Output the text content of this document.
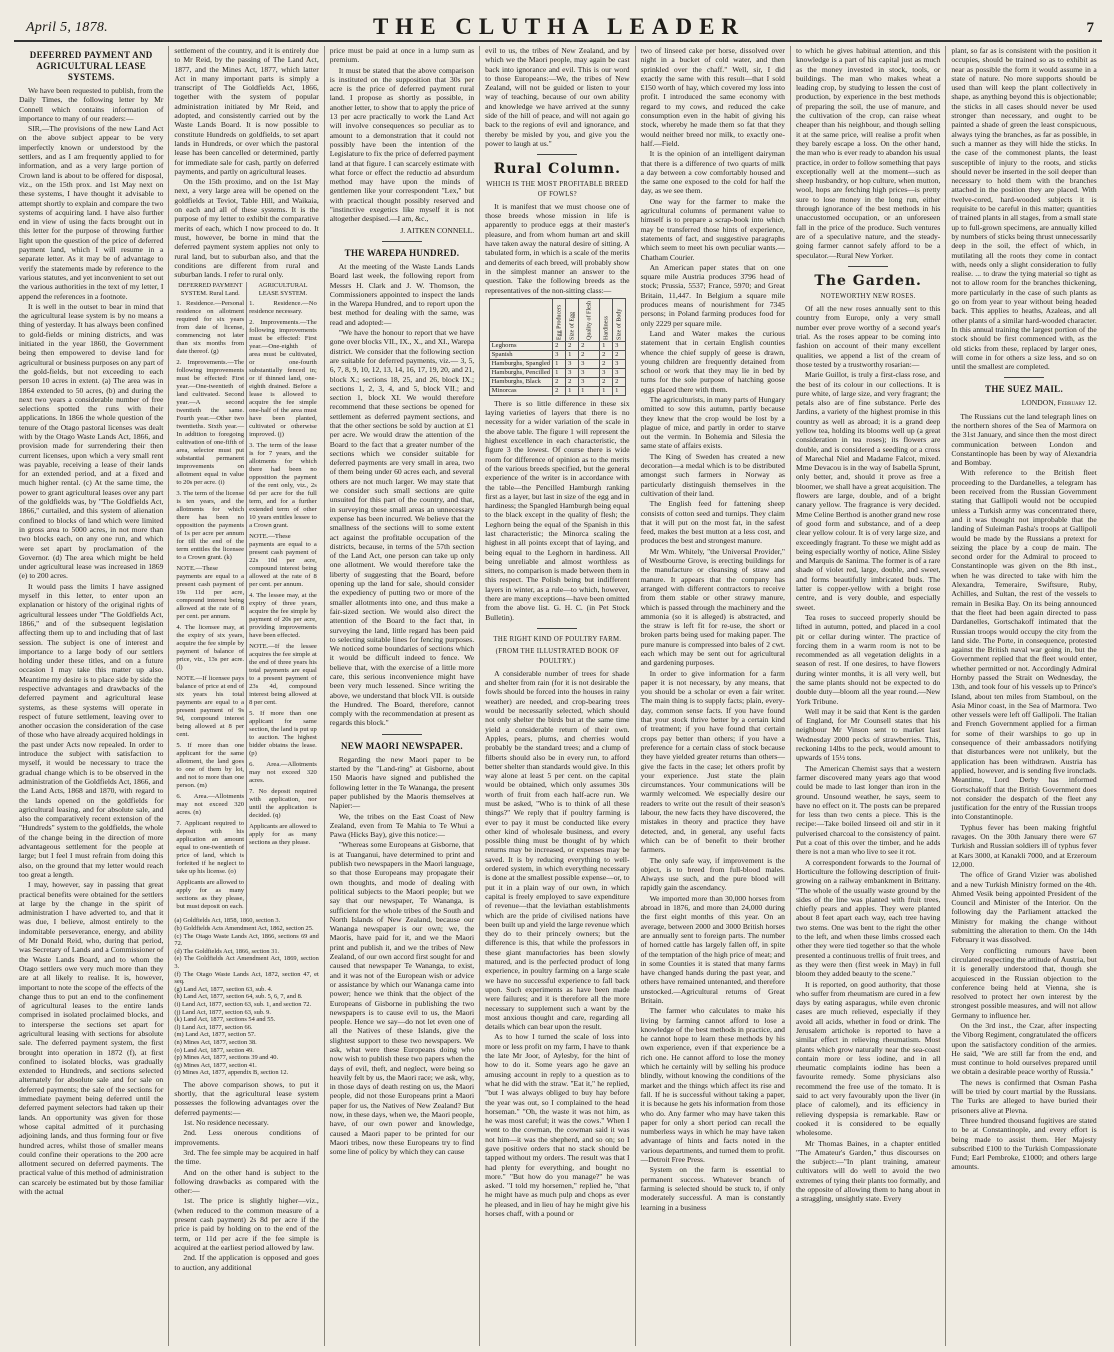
April 5, 1878.	THE CLUTHA LEADER	7
DEFERRED PAYMENT AND AGRICULTURAL LEASE SYSTEMS.

We have been requested to publish, from the Daily Times, the following letter by Mr Connell which contains information of importance to many of our readers:—

SIR,—The provisions of the new Land Act on the above subject appear to be very imperfectly known or understood by the settlers, and as I am frequently applied to for information, and as a very large portion of Crown land is about to be offered for disposal, viz., on the 15th prox. and 1st May next on these systems, I have thought it advisable to attempt shortly to explain and compare the two systems of acquiring land. I have also further end in view of using the facts brought out in this letter for the purpose of throwing further light upon the question of the price of deferred payment land, which I will resume in a separate letter. As it may be of advantage to verify the statements made by reference to the various statutes, and yet inconvenient to set out the various authorities in the text of my letter, I append the references in a footnote.

It is well in the outset to bear in mind that the agricultural lease system is by no means a thing of yesterday. It has always been confined to gold-fields or mining districts, and was initiated in the year 1860, the Government being then empowered to devise land for agricultural or business purposes on any part of the gold-fields, but not exceeding to each person 10 acres in extent. (a) The area was in 1864 extended to 50 acres, (b) and during the next two years a considerable number of free selections spotted the runs with their applications. In 1866 the whole question of the tenure of the Otago pastoral licenses was dealt with by the Otago Waste Lands Act, 1866, and provision made for surrendering their then current licenses, upon which a very small rent was payable, receiving a lease of their lands for an extended period, and at a fixed and much higher rental. (c) At the same time, the power to grant agricultural leases over any part of the goldfields was, by "The Goldfields Act, 1866," curtailed, and this system of alienation confined to blocks of land which were limited in gross area to 5000 acres, in not more than two blocks each, on any one run, and which were set apart by proclamation of the Governor. (d) The area which might be held under agricultural lease was increased in 1869 (e) to 200 acres.

It would pass the limits I have assigned myself in this letter, to enter upon an explanation or history of the original rights of agricultural lessees under "The Goldfields Act, 1866," and of the subsequent legislation affecting them up to and including that of last session. The subject is one of interest and importance to a large body of our settlers holding under these titles, and on a future occasion I may take this matter up also. Meantime my desire is to place side by side the respective advantages and drawbacks of the deferred payment and agricultural lease systems, as these systems will operate in respect of future settlement, leaving over to another occasion the consideration of the case of those who have already acquired holdings in the past under Acts now repealed. In order to introduce the subject with satisfaction to myself, it would be necessary to trace the gradual change which is to be observed in the administration of the Goldfields Act, 1866, and the Land Acts, 1868 and 1870, with regard to the lands opened on the goldfields for agricultural leasing, and for absolute sale, and also the comparatively recent extension of the "Hundreds" system to the goldfields, the whole of the change being in the direction of more advantageous settlement for the people at large; but I feel I must refrain from doing this also, on the ground that my letter would reach too great a length.

I may, however, say in passing that great practical benefits were obtained for the settlers at large by the change in the spirit of administration I have adverted to, and that it was due, I believe, almost entirely to the indomitable perseverance, energy, and ability of Mr Donald Reid, who, during that period, was Secretary of Lands and a Commissioner of the Waste Lands Board, and to whom the Otago settlers owe very much more than they are at all likely to realise. It is, however, important to note the scope of the effects of the change thus to put an end to the confinement of agricultural leases to the entire lands comprised in isolated proclaimed blocks, and to intersperse the sections set apart for agricultural leasing with sections for absolute sale. The deferred payment system, the first brought into operation in 1872 (f), at first confined to isolated blocks, was gradually extended to Hundreds, and sections selected alternately for absolute sale and for sale on deferred payments; the sale of the sections for immediate payment being deferred until the deferred payment selectors had taken up their lands. An opportunity was given for those whose capital admitted of it purchasing adjoining lands, and thus forming four or five hundred acres, whilst those of smaller means could confine their operations to the 200 acre allotment secured on deferred payments. The practical value of this method of administration can scarcely be estimated but by those familiar with the actual

settlement of the country, and it is entirely due to Mr Reid, by the passing of The Land Act, 1877, and the Mines Act, 1877, which latter Act in many important parts is simply a transcript of The Goldfields Act, 1866, together with the system of popular administration initiated by Mr Reid, and adopted, and consistently carried out by the Waste Lands Board. It is now possible to constitute Hundreds on goldfields, to set apart lands in Hundreds, or over which the pastoral lease has been cancelled or determined, partly for immediate sale for cash, partly on deferred payments, and partly on agricultural leases.

On the 15th proximo, and on the 1st May next, a very large area will be opened on the goldfields at Teviot, Table Hill, and Waikaia, on each and all of these systems. It is the purpose of my letter to exhibit the comparative merits of each, which I now proceed to do. It must, however, be borne in mind that the deferred payment system applies not only to rural land, but to suburban also, and that the conditions are different from rural and suburban lands. I refer to rural only.

DEFERRED PAYMENT SYSTEM. Rural Land.
1. Residence.—Personal residence on allotment required for six years from date of license, commencing not later than six months from date thereof. (g)
2. Improvements.—The following improvements must be effected: First year.—One-twentieth of land cultivated. Second year.—A second twentieth the same. Fourth year.—Other two twentieths. Sixth year.—In addition to foregoing cultivation of one-fifth of area, selector must put substantial permanent improvements on allotment equal in value to 20s per acre. (i)
3. The term of the license is ten years, and the allotments for which there has been no opposition the payments of 1s per acre per annum for till the end of the term entitles the licensee to a Crown grant. (k)
NOTE.—These payments are equal to a present cash payment of 19s 11d per acre, compound interest being allowed at the rate of 8 per cent. per annum.
4. The licensee may, at the expiry of six years, acquire the fee simple by payment of balance of price, viz., 13s per acre. (l)
NOTE.—If licensee pays balance of price at end of six years his total payments are equal to a present payment of 9s 9d, compound interest being allowed at 8 per cent.
5. If more than one applicant for the same allotment, the land goes to one of them by lot, and not to more than one person. (m)
6. Area.—Allotments may not exceed 320 acres. (n)
7. Applicant required to deposit with his application an amount equal to one-twentieth of price of land, which is forfeited if he neglect to take up his license. (o)
Applicants are allowed to apply for as many sections as they please, but must deposit on each.
AGRICULTURAL LEASE SYSTEM.
1. Residence.—No residence necessary.
2. Improvements.—The following improvements must be effected: First year.—One-eighth of area must be cultivated, or one-fourth substantially fenced in; or if thinned land, one-eighth drained. Before a lease is allowed to acquire the fee simple one-half of the area must have been planted, cultivated or otherwise improved. (j)
3. The term of the lease is for 7 years, and the allotments for which there had been no opposition the payment of the rent only, viz., 2s 6d per acre for the full term, and for a further extended term of other 10 years entitles lessee to a Crown grant.
NOTE.—These payments are equal to a present cash payment of 22s 10d per acre, compound interest being allowed at the rate of 8 per cent. per annum.
4. The lessee may, at the expiry of three years, acquire the fee simple by payment of 20s per acre, providing improvements have been effected.
NOTE.—If the lessee acquires the fee simple at the end of three years his total payments are equal to a present payment of 23s 4d, compound interest being allowed at 8 per cent.
5. If more than one applicant for same section, the land is put up to auction. The highest bidder obtains the lease. (p)
6. Area.—Allotments may not exceed 320 acres.
7. No deposit required with application, nor until the application is decided. (q)
Applicants are allowed to apply for as many sections as they please.
(a) Goldfields Act, 1858, 1860, section 3.
(b) Goldfields Acts Amendment Act, 1862, section 25.
(c) The Otago Waste Lands Act, 1866, sections 69 and 72.
(d) The Goldfields Act, 1866, section 31.
(e) The Goldfields Act Amendment Act, 1869, section 3.
(f) The Otago Waste Lands Act, 1872, section 47, et seq.
(g) Land Act, 1877, section 63, sub. 4.
(h) Land Act, 1877, section 64, sub. 5, 6, 7, and 8.
(i) Land Act, 1877, section 63, sub. 1, and section 72.
(j) Land Act, 1877, section 63, sub. 9.
(k) Land Act, 1877, sections 54 and 55.
(l) Land Act, 1877, section 66.
(m) Land Act, 1877, section 57.
(n) Mines Act, 1877, section 38.
(o) Land Act, 1877, section 49.
(p) Mines Act, 1877, sections 39 and 40.
(q) Mines Act, 1877, section 41.
(r) Mines Act, 1877, appendix B, section 12.

The above comparison shows, to put it shortly, that the agricultural lease system possesses the following advantages over the deferred payments:—

1st. No residence necessary.

2nd. Less onerous conditions of improvements.

3rd. The fee simple may be acquired in half the time.

And on the other hand is subject to the following drawbacks as compared with the other:—

1st. The price is slightly higher—viz., (when reduced to the common measure of a present cash payment) 2s 8d per acre if the price is paid by holding on to the end of the term, or 11d per acre if the fee simple is acquired at the earliest period allowed by law.

2nd. If the application is opposed and goes to auction, any additional

price must be paid at once in a lump sum as premium.

It must be stated that the above comparison is instituted on the supposition that 30s per acre is the price of deferred payment rural land. I propose as shortly as possible, in another letter, to show that to apply the price of 13 per acre practically to work the Land Act will involve consequences so peculiar as to amount to a demonstration that it could not possibly have been the intention of the Legislature to fix the price of deferred payment land at that figure. I can scarcely estimate with what force or effect the reductio ad absurdum method may have upon the minds of gentlemen like your correspondent "Lex," but with practical thought possibly reserved and "instinctive exegetics like myself it is not altogether despised.—I am, &c.,

J. AITKEN CONNELL.
THE WAREPA HUNDRED.

At the meeting of the Waste Lands Lands Board last week, the following report from Messrs H. Clark and J. W. Thomson, the Commissioners appointed to inspect the lands in the Warepa Hundred, and to report upon the best method for dealing with the same, was read and adopted:—

"We have the honour to report that we have gone over blocks VII., IX., X., and XI., Warepa district. We consider that the following section are suitable for deferred payments, viz.— 3, 5, 6, 7, 8, 9, 10, 12, 13, 14, 16, 17, 19, 20, and 21, block X.; sections 18, 25, and 26, block IX.; sections 1, 2, 3, 4, and 5, block VII.; and section 1, block XI. We would therefore recommend that these sections be opened for settlement as deferred payment sections, and that the other sections be sold by auction at £1 per acre. We would draw the attention of the Board to the fact that a greater number of the sections which we consider suitable for deferred payments are very small in area, two of them being under 60 acres each, and several others are not much larger. We may state that we consider such small sections are quite unsuited for this part of the country, and that, in surveying these small areas an unnecessary expense has been incurred. We believe that the smallness of the sections will to some extent act against the profitable occupation of the districts, because, in terms of the 57th section of the Land Act, one person can take up only one allotment. We would therefore take the liberty of suggesting that the Board, before opening up the land for sale, should consider the expediency of putting two or more of the smaller allotments into one, and thus make a fair-sized section. We would also direct the attention of the Board to the fact that, in surveying the land, little regard has been paid to selecting suitable lines for fencing purposes. We noticed some boundaries of sections which it would be difficult indeed to fence. We believe that, with the exercise of a little more care, this serious inconvenience might have been very much lessened. Since writing the above, we understand that block VII. is outside the Hundred. The Board, therefore, cannot comply with the recommendation at present as regards this block."

NEW MAORI NEWSPAPER.

Regarding the new Maori paper to be started by the "Land-ring" at Gisborne, about 150 Maoris have signed and published the following letter in the Te Wananga, the present paper published by the Maoris themselves at Napier:—

We, the tribes on the East Coast of New Zealand, even from Te Mahia to Te Whui a Pawa (Hicks Bay), give this notice:—

"Whereas some Europeans at Gisborne, that is at Tuanganui, have determined to print and publish two newspapers in the Maori language, so that those Europeans may propagate their own thoughts, and mode of dealing with political subjects to the Maori people; but we say that our newspaper, Te Wananga, is sufficient for the whole tribes of the South and North Islands of New Zealand, because our Wananga newspaper is our own; we, the Maoris, have paid for it, and we the Maori print and publish it, and we the tribes of New Zealand, of our own accord first sought for and caused that newspaper Te Wananga, to exist, and it was not of the European wish or advice or assistance by which our Wananga came into power; hence we think that the object of the Europeans of Gisborne in publishing the two newspapers is to cause evil to us, the Maori people. Hence we say—do not let even one of all the Natives of these Islands, give the slightest support to these two newspapers. We ask, what were these Europeans doing who now wish to publish these two papers when the days of evil, theft, and neglect, were being so heavily felt by us, the Maori race; we ask, why, in those days of death resting on us, the Maori people, did not those Europeans print a Maori paper for us, the Natives of New Zealand? But now, in these days, when we, the Maori people, have, of our own power and knowledge, caused a Maori paper to be printed for our Maori tribes, now these Europeans try to find some line of policy by which they can cause

evil to us, the tribes of New Zealand, and by which we the Maori people, may again be cast back into ignorance and evil. This is our word to those Europeans:—We, the tribes of New Zealand, will not be guided or listen to your way of teaching, because of our own ability and knowledge we have arrived at the sunny side of the hill of peace, and will not again go back to the regions of evil and ignorance, and thereby be misled by you, and give you the power to laugh at us."

Rural Column.
WHICH IS THE MOST PROFITABLE BREED OF FOWLS?

It is manifest that we must choose one of those breeds whose mission in life is apparently to produce eggs at their master's pleasure, and from whom human art and skill have taken away the natural desire of sitting. A tabulated form, in which is a scale of the merits and demerits of each breed, will probably show in the simplest manner an answer to the question. Take the following breeds as the representatives of the non-sitting class:—

	Egg Producers	Size of Egg	Quality of Flesh	Hardiness	Size of Body
Leghorns	2	2	2	1	3
Spanish	3	1	2	2	2
Hamburghs, Spangled	1	3	3	2	3
Hamburghs, Pencilled	1	3	3	3	3
Hamburghs, Black	2	2	3	2	2
Minorcas	2	1	1	1	1

There is so little difference in these six laying varieties of layers that there is no necessity for a wider variation of the scale in the above table. The figure 1 will represent the highest excellence in each characteristic, the figure 3 the lowest. Of course there is wide room for difference of opinion as to the merits of the various breeds specified, but the general experience of the writer is in accordance with the table—the Pencilled Hamburgh ranking first as a layer, but last in size of the egg and in hardiness; the Spangled Hamburgh being equal to the black except in the quality of flesh; the Leghorn being the equal of the Spanish in this last characteristic; the Minorca scaling the highest in all points except that of laying, and being equal to the Leghorn in hardiness. All being unreliable and almost worthless as sitters, no comparison is made between them in this respect. The Polish being but indifferent layers in winter, as a rule—to which, however, there are many exceptions—have been omitted from the above list. G. H. C. (in Pet Stock Bulletin).

THE RIGHT KIND OF POULTRY FARM.
(FROM THE ILLUSTRATED BOOK OF POULTRY.)

A considerable number of trees for shade and shelter from rain (for it is not desirable the fowls should be forced into the houses in rainy weather) are needed, and crop-bearing trees would be necessarily selected, which should not only shelter the birds but at the same time yield a considerable return of their own. Apples, pears, plums, and cherries would probably be the standard trees; and a clump of filberts should also be in every run, to afford better shelter than standards would give. In this way alone at least 5 per cent. on the capital would be obtained, which only assumes 30s worth of fruit from each half-acre run. We must be asked, "Who is to think of all these things?" We reply that if poultry farming is ever to pay it must be conducted like every other kind of wholesale business, and every possible thing must be thought of by which returns may be increased, or expenses may be saved. It is by reducing everything to well-ordered system, in which everything necessary is done at the smallest possible expense—or, to put it in a plain way of our own, in which capital is freely employed to save expenditure of revenue—that the leviathan establishments which are the pride of civilised nations have been built up and yield the large revenue which they do to their princely owners; but the difference is this, that while the professors in these giant manufactories has been slowly matured, and is the perfected product of long experience, in poultry farming on a large scale we have no successful experience to fall back upon. Such experiments as have been made were failures; and it is therefore all the more necessary to supplement such a want by the most anxious thought and care, regarding all details which can bear upon the result.

As to how I turned the scale of loss into more or less profit on my farm, I have to thank the late Mr Joor, of Aylesby, for the hint of how to do it. Some years ago he gave an amusing account in reply to a question as to what he did with the straw. "Eat it," he replied, "but I was always obliged to buy hay before the year was out, so I complained to the head horseman." "Oh, the waste it was not him, as he was most careful; it was the cows." When I went to the cowman, the cowman said it was not him—it was the shepherd, and so on; so I gave positive orders that no stack should be tapped without my orders. The result was that I had plenty for everything, and bought no more." "But how do you manage?" he was asked. "I told my horsemen," replied he, "that he might have as much pulp and chops as ever he pleased, and in lieu of hay he might give his horses chaff, with a pound or

two of linseed cake per horse, dissolved over night in a bucket of cold water, and then sprinkled over the chaff." Well, sir, I did exactly the same with this result—that I sold £150 worth of hay, which covered my loss into profit. I introduced the same economy with regard to my cows, and reduced the cake consumption even in the habit of giving his stock, whereby he made them so fat that they would neither breed nor milk, to exactly one-half.—Field.

It is the opinion of an intelligent dairyman that there is a difference of two quarts of milk a day between a cow comfortably housed and the same one exposed to the cold for half the day, as we see them.

One way for the farmer to make the agricultural columns of permanent value to himself is to prepare a scrap-book into which may be transferred those hints of experience, statements of fact, and suggestive paragraphs which seem to meet his own peculiar wants.—Chatham Courier.

An American paper states that on one square mile Austria produces 3796 head of stock; Prussia, 5537; France, 5970; and Great Britain, 11,447. In Belgium a square mile produces means of nourishment for 7345 persons; in Poland farming produces food for only 2229 per square mile.

Land and Water makes the curious statement that in certain English counties whence the chief supply of geese is drawn, young children are frequently detained from school or work that they may lie in bed by turns for the sole purpose of hatching goose eggs placed there with them.

The agriculturists, in many parts of Hungary omitted to sow this autumn, partly because they knew that the crop would be lost by a plague of mice, and partly in order to starve out the vermin. In Bohemia and Silesia the same state of affairs exists.

The King of Sweden has created a new decoration—a medal which is to be distributed amongst such farmers in Norway as particularly distinguish themselves in the cultivation of their land.

The English feed for fattening sheep consists of cotton seed and turnips. They claim that it will put on the most fat, in the safest feed, makes the best mutton at a less cost, and produces the best and strongest manure.

Mr Wm. Whitely, "the Universal Provider," of Westbourne Grove, is erecting buildings for the manufacture or cleansing of straw and manure. It appears that the company has arranged with different contractors to receive from them stable or other strawy manure, which is passed through the machinery and the ammonia (so it is alleged) is abstracted, and the straw is left fit for re-use, the short or broken parts being used for making paper. The pure manure is compressed into bales of 2 cwt. each which may be sent out for agricultural and gardening purposes.

In order to give information for a farm paper it is not necessary, by any means, that you should be a scholar or even a fair writer. The main thing is to supply facts; plain, every-day, common sense facts. If you have found that your stock thrive better by a certain kind of treatment; if you have found that certain crops pay better than others; if you have a preference for a certain class of stock because they have yielded greater returns than others—give the facts in the case; let others profit by your experience. Just state the plain circumstances. Your communications will be warmly welcomed. We especially desire our readers to write out the result of their season's labour, the new facts they have discovered, the mistakes in theory and practice they have detected, and, in general, any useful facts which can be of benefit to their brother farmers.

The only safe way, if improvement is the object, is to breed from full-blood males. Always use such, and the pure blood will rapidly gain the ascendancy.

We imported more than 30,000 horses from abroad in 1876, and more than 24,000 during the first eight months of this year. On an average, between 2000 and 3000 British horses are annually sent to foreign parts. The number of horned cattle has largely fallen off, in spite of the temptation of the high price of meat; and in some Counties it is stated that many farms have changed hands during the past year, and others have remained untenanted, and therefore unstocked.—Agricultural returns of Great Britain.

The farmer who calculates to make his living by farming cannot afford to lose a knowledge of the best methods in practice, and he cannot hope to learn these methods by his own experience, even if that experience be a rich one. He cannot afford to lose the money which he certainly will by selling his produce blindly, without knowing the conditions of the market and the things which affect its rise and fall. If he is successful without taking a paper, it is because he gets his information from those who do. Any farmer who may have taken this paper for only a short period can recall the numberless ways in which he may have taken advantage of hints and facts noted in the various departments, and turned them to profit. —Detroit Free Press.

System on the farm is essential to permanent success. Whatever branch of farming is selected should be stuck to, if only moderately successful. A man is constantly learning in a business

to which he gives habitual attention, and this knowledge is a part of his capital just as much as the money invested in stock, tools, or buildings. The man who makes wheat a leading crop, by studying to lessen the cost of production, by experience in the best methods of preparing the soil, the use of manure, and the cultivation of the crop, can raise wheat cheaper than his neighbour, and though selling it at the same price, will realise a profit when they barely escape a loss. On the other hand, the man who is ever ready to abandon his usual practice, in order to follow something that pays exceptionally well at the moment—such as sheep husbandry, or hop culture, when mutton, wool, hops are fetching high prices—is pretty sure to lose money in the long run, either through ignorance of the best methods in his unaccustomed occupation, or an unforeseen fall in the price of the produce. Such ventures are of a speculative nature, and the steady-going farmer cannot safely afford to be a speculator.—Rural New Yorker.

The Garden.
NOTEWORTHY NEW ROSES.

Of all the new roses annually sent to this country from Europe, only a very small number ever prove worthy of a second year's trial. As the roses appear to be coming into fashion on account of their many excellent qualities, we append a list of the cream of those tested by a trustworthy rosarian:—

Marie Guillot, is truly a first-class rose, and the best of its colour in our collections. It is pure white, of large size, and very fragrant; the petals also are of fine substance. Perle des Jardins, a variety of the highest promise in this country as well as abroad; it is a grand deep yellow tea, holding its blooms well up (a great consideration in tea roses); its flowers are double, and is considered a seedling or a cross of Marechal Niel and Madame Falcot, mixed. Mme Devacou is in the way of Isabella Sprunt, only better, and, should it prove as free a bloomer, we shall have a great acquisition. The flowers are large, double, and of a bright canary yellow. The fragrance is very decided. Mme Celine Berthod is another grand new rose of good form and substance, and of a deep clear yellow colour. It is of very large size, and exceedingly fragrant. To these we might add as being especially worthy of notice, Aline Sisley and Marquis de Sanima. The former is of a rare shade of violet red, large, double, and sweet, and forms beautifully imbricated buds. The latter is copper-yellow with a bright rose centre, and is very double, and especially sweet.

Tea roses to succeed properly should be lifted in autumn, potted, and placed in a cool pit or cellar during winter. The practice of forcing them in a warm room is not to be recommended as all vegetation delights in a season of rest. If one desires, to have flowers during winter months, it is all very well, but the same plants should not be expected to do double duty—bloom all the year round.—New York Tribune.

Well may it be said that Kent is the garden of England, for Mr Counsell states that his neighbour Mr Vinson sent to market last Wednesday 2000 pecks of strawberries. This, reckoning 14lbs to the peck, would amount to upwards of 15½ tons.

The American Chemist says that a western farmer discovered many years ago that wood could be made to last longer than iron in the ground. Unsound weather, he says, seem to have no effect on it. The posts can be prepared for less than two cents a piece. This is the recipe:—Take boiled linseed oil and stir in it pulverised charcoal to the consistency of paint. Put a coat of this over the timber, and he adds there is not a man who live to see it rot.

A correspondent forwards to the Journal of Horticulture the following description of fruit-growing on a railway embankment in Brittany. "The whole of the usually waste ground by the sides of the line was planted with fruit trees, chiefly pears and apples. They were planted about 8 feet apart each way, each tree having two stems. One was bent to the right the other to the left, and when these limbs crossed each other they were tied together so that the whole presented a continuous trellis of fruit trees, and as they were then (first week in May) in full bloom they added beauty to the scene."

It is reported, on good authority, that those who suffer from rheumatism are cured in a few days by eating asparagus, while even chronic cases are much relieved, especially if they avoid all acids, whether in food or drink. The Jerusalem artichoke is reported to have a similar effect in relieving rheumatism. Most plants which grow naturally near the sea-coast contain more or less iodine, and in all rheumatic complaints iodine has been a favourite remedy. Some physicians also recommend the free use of the tomato. It is said to act very favourably upon the liver (in place of calomel), and its efficiency in relieving dyspepsia is remarkable. Raw or cooked it is considered to be equally wholesome.

Mr Thomas Baines, in a chapter entitled "The Amateur's Garden," thus discourses on the subject:—"In plant training, amateur cultivators will do well to avoid the two extremes of tying their plants too formally, and the opposite of allowing them to hang about in a straggling, unsightly state. Every

plant, so far as is consistent with the position it occupies, should be trained so as to exhibit as near as possible the form it would assume in a state of nature. No more supports should be used than will keep the plant collectively in shape, as anything beyond this is objectionable; the sticks in all cases should never be used stronger than necessary, and ought to be painted a shade of green the least conspicuous, always tying the branches, as far as possible, in such a manner as they will hide the sticks. In the case of the commonest plants, the least susceptible of injury to the roots, and sticks should never be inserted in the soil deeper than necessary to hold them with the branches attached in the position they are placed. With twelve-cored, hard-wooded subjects it is requisite to be careful in this matter; quantities of trained plants in all stages, from a small state up to full-grown specimens, are annually killed by numbers of sticks being thrust unnecessarily deep in the soil, the effect of which, in mutilating all the roots they come in contact with, needs only a slight consideration to fully realise. ... to draw the tying material so tight as not to allow room for the branches thickening, more particularly in the case of such plants as go on from year to year without being headed back. This applies to heaths, Azaleas, and all other plants of a similar hard-wooded character. In this annual training the largest portion of the stock should be first commenced with, as the old sticks from these, replaced by larger ones, will come in for others a size less, and so on until the smallest are completed.

THE SUEZ MAIL.
LONDON, February 12.

The Russians cut the land telegraph lines on the northern shores of the Sea of Marmora on the 31st January, and since then the most direct communication between London and Constantinople has been by way of Alexandria and Bombay.

With reference to the British fleet proceeding to the Dardanelles, a telegram has been received from the Russian Government stating that Gallipoli would not be occupied unless a Turkish army was concentrated there, and it was thought not improbable that the landing of Suleiman Pasha's troops at Gallipoli would be made by the Russians a pretext for seizing the place by a coup de main. The second order for the Admiral to proceed to Constantinople was given on the 8th inst., when he was directed to take with him the Alexandra, Temeraire, Swiftsure, Ruby, Achilles, and Sultan, the rest of the vessels to remain in Besika Bay. On its being announced that the fleet had been again directed to pass Dardanelles, Gortschakoff intimated that the Russian troops would occupy the city from the land side. The Porte, in consequence, protested against the British naval war going in, but the Government replied that the fleet would enter, whether permitted or not. Accordingly Admiral Hornby passed the Strait on Wednesday, the 13th, and took four of his vessels up to Prince's Island, about ten miles from Stamboul, on the Asia Minor coast, in the Sea of Marmora. Two other vessels were left off Gallipoli. The Italian and French Government applied for a firman for some of their warships to go up in consequence of their ambassadors notifying that disturbances were not unlikely, but the application has been withdrawn. Austria has applied, however, and is sending five ironclads. Meantime, Lord Derby has informed Gortschakoff that the British Government does not consider the despatch of the fleet any justification for the entry of the Russian troops into Constantinople.

Typhus fever has been making frightful ravages. On the 30th January there were 67 Turkish and Russian soldiers ill of typhus fever at Kars 3000, at Kanakli 7000, and at Erzeroum 12,000.

The office of Grand Vizier was abolished and a new Turkish Ministry formed on the 4th. Ahmed Vesik being appointed President of the Council and Minister of the Interior. On the following day the Parliament attacked the Ministry for making the change without submitting the alteration to them. On the 14th February it was dissolved.

Very conflicting rumours have been circulated respecting the attitude of Austria, but it is generally understood that, though she acquiesced in the Russian objection to the conference being held at Vienna, she is resolved to protect her own interest by the strongest possible measures, and will not allow Germany to influence her.

On the 3rd inst., the Czar, after inspecting the Viborg Regiment, congratulated the officers upon the satisfactory condition of the armies. He said, "We are still far from the end, and must continue to hold ourselves prepared until we obtain a desirable peace worthy of Russia."

The news is confirmed that Osman Pasha will be tried by court martial by the Russians. The Turks are alleged to have buried their prisoners alive at Plevna.

Three hundred thousand fugitives are stated to be at Constantinople, and every effort is being made to assist them. Her Majesty subscribed £100 to the Turkish Compassionate Fund; Earl Pembroke, £1000; and others large amounts.
